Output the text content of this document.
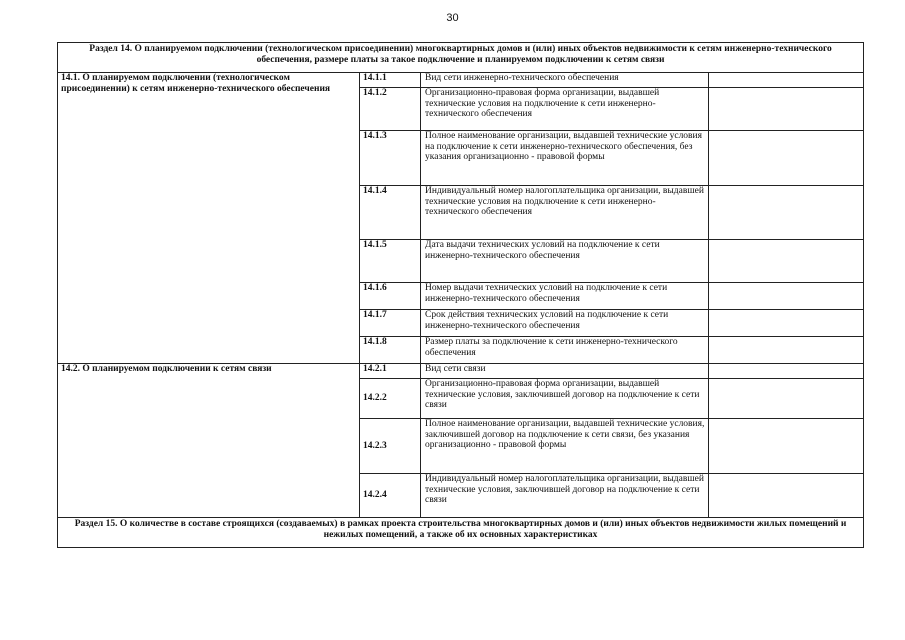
30
Раздел 14. О планируемом подключении (технологическом присоединении) многоквартирных домов и (или) иных объектов недвижимости к сетям инженерно-технического обеспечения, размере платы за такое подключение и планируемом подключении к сетям связи			
14.1. О планируемом подключении (технологическом присоединении) к сетям инженерно-технического обеспечения	14.1.1	Вид сети инженерно-технического обеспечения	
	14.1.2	Организационно-правовая форма организации, выдавшей технические условия на подключение к сети инженерно-технического обеспечения	
	14.1.3	Полное наименование организации, выдавшей технические условия на подключение к сети инженерно-технического обеспечения, без указания организационно - правовой формы	
	14.1.4	Индивидуальный номер налогоплательщика организации, выдавшей технические условия на подключение к сети инженерно-технического обеспечения	
	14.1.5	Дата выдачи технических условий на подключение к сети инженерно-технического обеспечения	
	14.1.6	Номер выдачи технических условий на подключение к сети инженерно-технического обеспечения	
	14.1.7	Срок действия технических условий на подключение к сети инженерно-технического обеспечения	
	14.1.8	Размер платы за подключение к сети инженерно-технического обеспечения	
14.2. О планируемом подключении к сетям связи	14.2.1	Вид сети связи	
	14.2.2	Организационно-правовая форма организации, выдавшей технические условия, заключившей договор на подключение к сети связи	
	14.2.3	Полное наименование организации, выдавшей технические условия, заключившей договор на подключение к сети связи, без указания организационно - правовой формы	
	14.2.4	Индивидуальный номер налогоплательщика организации, выдавшей технические условия, заключившей договор на подключение к сети связи	
Раздел 15. О количестве в составе строящихся (создаваемых) в рамках проекта строительства многоквартирных домов и (или) иных объектов недвижимости жилых помещений и нежилых помещений, а также об их основных характеристиках			
